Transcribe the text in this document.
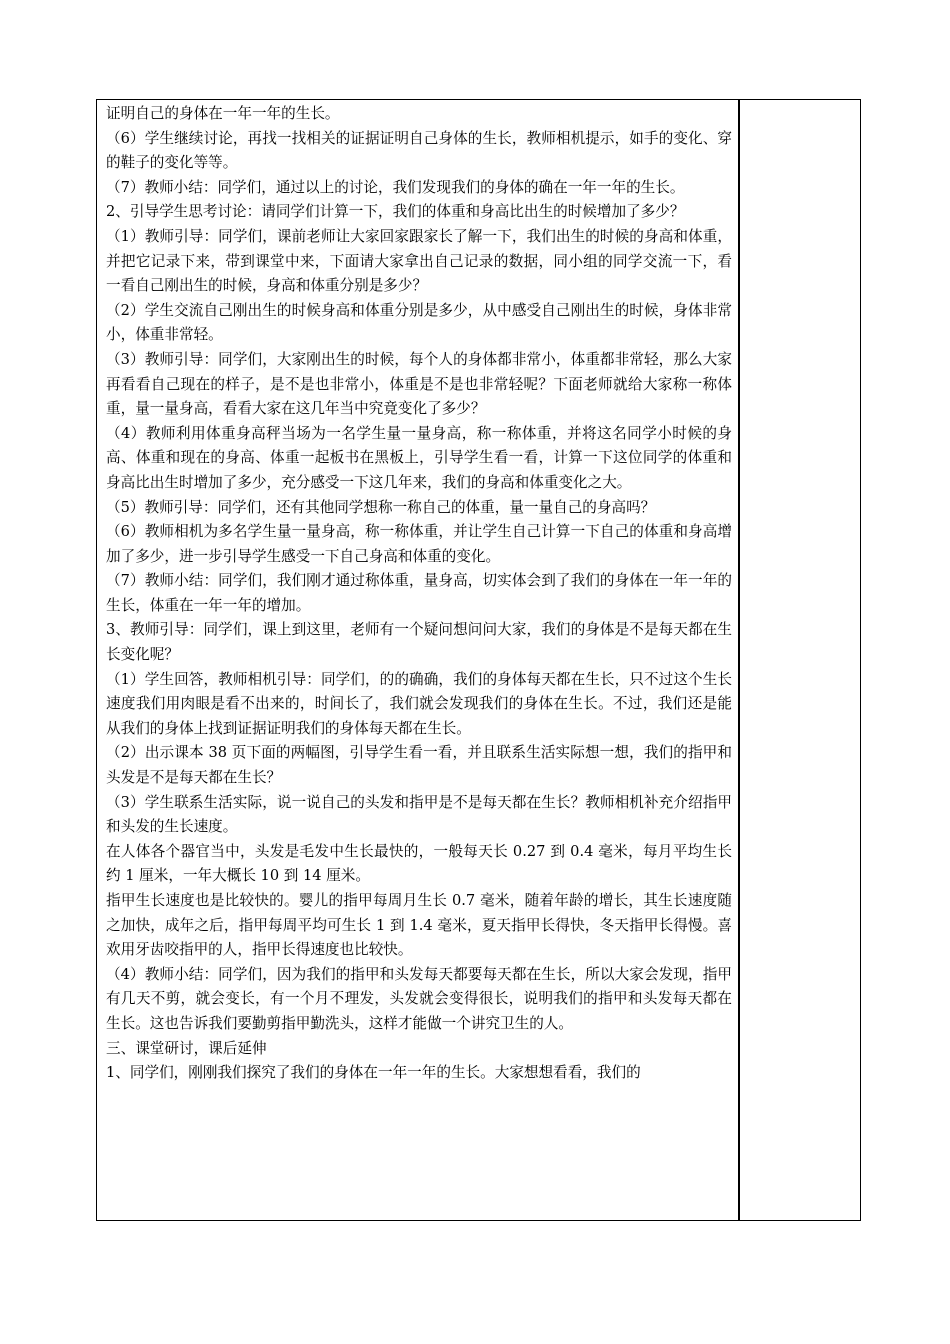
证明自己的身体在一年一年的生长。

（6）学生继续讨论，再找一找相关的证据证明自己身体的生长，教师相机提示，如手的变化、穿的鞋子的变化等等。

（7）教师小结：同学们，通过以上的讨论，我们发现我们的身体的确在一年一年的生长。

2、引导学生思考讨论：请同学们计算一下，我们的体重和身高比出生的时候增加了多少？

（1）教师引导：同学们，课前老师让大家回家跟家长了解一下，我们出生的时候的身高和体重，并把它记录下来，带到课堂中来，下面请大家拿出自己记录的数据，同小组的同学交流一下，看一看自己刚出生的时候，身高和体重分别是多少？

（2）学生交流自己刚出生的时候身高和体重分别是多少，从中感受自己刚出生的时候，身体非常小，体重非常轻。

（3）教师引导：同学们，大家刚出生的时候，每个人的身体都非常小，体重都非常轻，那么大家再看看自己现在的样子，是不是也非常小，体重是不是也非常轻呢？下面老师就给大家称一称体重，量一量身高，看看大家在这几年当中究竟变化了多少？

（4）教师利用体重身高秤当场为一名学生量一量身高，称一称体重，并将这名同学小时候的身高、体重和现在的身高、体重一起板书在黑板上，引导学生看一看，计算一下这位同学的体重和身高比出生时增加了多少，充分感受一下这几年来，我们的身高和体重变化之大。

（5）教师引导：同学们，还有其他同学想称一称自己的体重，量一量自己的身高吗？

（6）教师相机为多名学生量一量身高，称一称体重，并让学生自己计算一下自己的体重和身高增加了多少，进一步引导学生感受一下自己身高和体重的变化。

（7）教师小结：同学们，我们刚才通过称体重，量身高，切实体会到了我们的身体在一年一年的生长，体重在一年一年的增加。

3、教师引导：同学们，课上到这里，老师有一个疑问想问问大家，我们的身体是不是每天都在生长变化呢？

（1）学生回答，教师相机引导：同学们，的的确确，我们的身体每天都在生长，只不过这个生长速度我们用肉眼是看不出来的，时间长了，我们就会发现我们的身体在生长。不过，我们还是能从我们的身体上找到证据证明我们的身体每天都在生长。

（2）出示课本 38 页下面的两幅图，引导学生看一看，并且联系生活实际想一想，我们的指甲和头发是不是每天都在生长？

（3）学生联系生活实际，说一说自己的头发和指甲是不是每天都在生长？教师相机补充介绍指甲和头发的生长速度。

在人体各个器官当中，头发是毛发中生长最快的，一般每天长 0.27 到 0.4 毫米，每月平均生长约 1 厘米，一年大概长 10 到 14 厘米。

指甲生长速度也是比较快的。婴儿的指甲每周月生长 0.7 毫米，随着年龄的增长，其生长速度随之加快，成年之后，指甲每周平均可生长 1 到 1.4 毫米，夏天指甲长得快，冬天指甲长得慢。喜欢用牙齿咬指甲的人，指甲长得速度也比较快。

（4）教师小结：同学们，因为我们的指甲和头发每天都要每天都在生长，所以大家会发现，指甲有几天不剪，就会变长，有一个月不理发，头发就会变得很长，说明我们的指甲和头发每天都在生长。这也告诉我们要勤剪指甲勤洗头，这样才能做一个讲究卫生的人。

三、课堂研讨，课后延伸

1、同学们，刚刚我们探究了我们的身体在一年一年的生长。大家想想看看，我们的
